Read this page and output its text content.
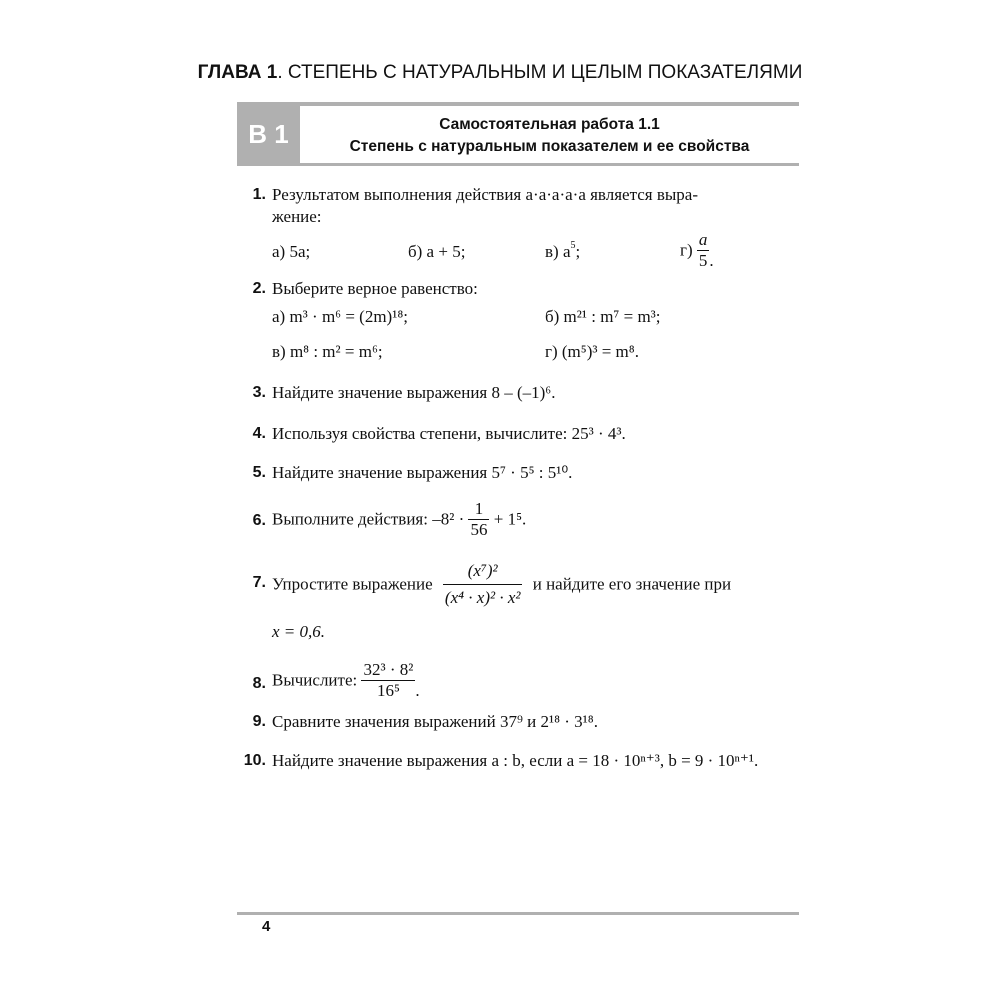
ГЛАВА 1. СТЕПЕНЬ С НАТУРАЛЬНЫМ И ЦЕЛЫМ ПОКАЗАТЕЛЯМИ
В 1	Самостоятельная работа 1.1
Степень с натуральным показателем и ее свойства
1. Результатом выполнения действия a·a·a·a·a является выра-
жение:
а) 5a;	б) a + 5;	в) $a^5$;	$г) \frac{a}{5}$ .
2. Выберите верное равенство:
а) m³ · m⁶ = (2m)¹⁸;	б) m²¹ : m⁷ = m³;
в) m⁸ : m² = m⁶;	г) (m⁵)³ = m⁸.
3. Найдите значение выражения 8 – (–1)⁶.
4. Используя свойства степени, вычислите: 25³ · 4³.
5. Найдите значение выражения 5⁷ · 5⁵ : 5¹⁰.
6. Выполните действия: $-8^2 \cdot \frac{1}{56} + 1^5$.
7. Упростите выражение $\frac{\text{(x⁷)²}}{\text{(x⁴ · x)² · x²}}$ и найдите его значение при
x = 0,6.
8. Вычислите: $\frac{\text{32³ · 8²}}{\text{16⁵}}$ .
9. Сравните значения выражений 37⁹ и 2¹⁸ · 3¹⁸.
10. Найдите значение выражения a : b, если a = 18 · 10ⁿ⁺³, b = 9 · 10ⁿ⁺¹.
4
